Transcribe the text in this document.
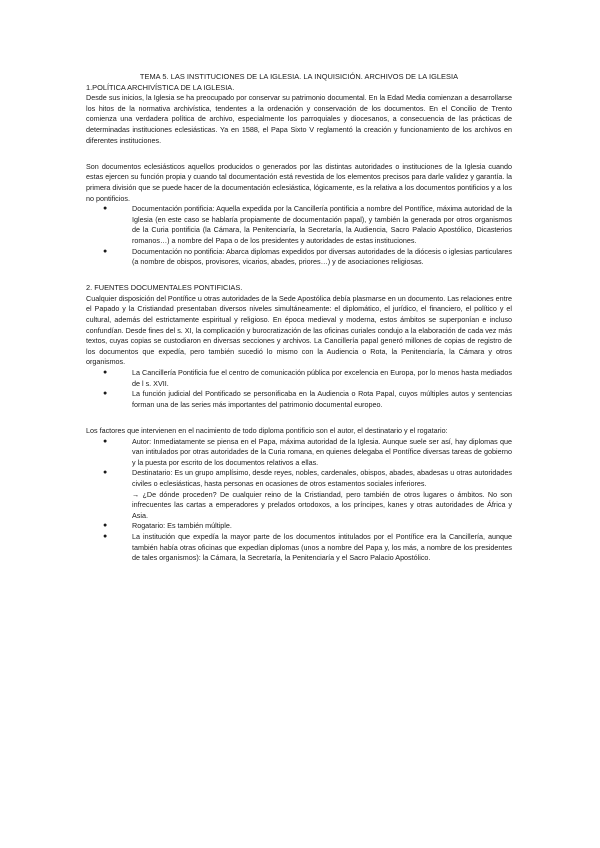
TEMA 5. LAS INSTITUCIONES DE LA IGLESIA. LA INQUISICIÓN. ARCHIVOS DE LA IGLESIA

1.POLÍTICA ARCHIVÍSTICA DE LA IGLESIA.

Desde sus inicios, la Iglesia se ha preocupado por conservar su patrimonio documental. En la Edad Media comienzan a desarrollarse los hitos de la normativa archivística, tendentes a la ordenación y conservación de los documentos. En el Concilio de Trento comienza una verdadera política de archivo, especialmente los parroquiales y diocesanos, a consecuencia de las prácticas de determinadas instituciones eclesiásticas. Ya en 1588, el Papa Sixto V reglamentó la creación y funcionamiento de los archivos en diferentes instituciones.

Son documentos eclesiásticos aquellos producidos o generados por las distintas autoridades o instituciones de la Iglesia cuando estas ejercen su función propia y cuando tal documentación está revestida de los elementos precisos para darle validez y garantía. la primera división que se puede hacer de la documentación eclesiástica, lógicamente, es la relativa a los documentos pontificios y a los no pontificios.

●	Documentación pontificia: Aquella expedida por la Cancillería pontificia a nombre del Pontífice, máxima autoridad de la Iglesia (en este caso se hablaría propiamente de documentación papal), y también la generada por otros organismos de la Curia pontificia (la Cámara, la Penitenciaría, la Secretaría, la Audiencia, Sacro Palacio Apostólico, Dicasterios romanos…) a nombre del Papa o de los presidentes y autoridades de estas instituciones.
●	Documentación no pontificia: Abarca diplomas expedidos por diversas autoridades de la diócesis o iglesias particulares (a nombre de obispos, provisores, vicarios, abades, priores…) y de asociaciones religiosas.

2. FUENTES DOCUMENTALES PONTIFICIAS.

Cualquier disposición del Pontífice u otras autoridades de la Sede Apostólica debía plasmarse en un documento. Las relaciones entre el Papado y la Cristiandad presentaban diversos niveles simultáneamente: el diplomático, el jurídico, el financiero, el político y el cultural, además del estrictamente espiritual y religioso. En época medieval y moderna, estos ámbitos se superponían e incluso confundían. Desde fines del s. XI, la complicación y burocratización de las oficinas curiales condujo a la elaboración de cada vez más textos, cuyas copias se custodiaron en diversas secciones y archivos. La Cancillería papal generó millones de copias de registro de los documentos que expedía, pero también sucedió lo mismo con la Audiencia o Rota, la Penitenciaría, la Cámara y otros organismos.

●	La Cancillería Pontificia fue el centro de comunicación pública por excelencia en Europa, por lo menos hasta mediados de l s. XVII.
●	La función judicial del Pontificado se personificaba en la Audiencia o Rota Papal, cuyos múltiples autos y sentencias forman una de las series más importantes del patrimonio documental europeo.

Los factores que intervienen en el nacimiento de todo diploma pontificio son el autor, el destinatario y el rogatario:

●	Autor: Inmediatamente se piensa en el Papa, máxima autoridad de la Iglesia. Aunque suele ser así, hay diplomas que van intitulados por otras autoridades de la Curia romana, en quienes delegaba el Pontífice diversas tareas de gobierno y la puesta por escrito de los documentos relativos a ellas.
●	Destinatario: Es un grupo amplísimo, desde reyes, nobles, cardenales, obispos, abades, abadesas u otras autoridades civiles o eclesiásticas, hasta personas en ocasiones de otros estamentos sociales inferiores.
→ ¿De dónde proceden? De cualquier reino de la Cristiandad, pero también de otros lugares o ámbitos. No son infrecuentes las cartas a emperadores y prelados ortodoxos, a los príncipes, kanes y otras autoridades de África y Asia.
●	Rogatario: Es también múltiple.
●	La institución que expedía la mayor parte de los documentos intitulados por el Pontífice era la Cancillería, aunque también había otras oficinas que expedían diplomas (unos a nombre del Papa y, los más, a nombre de los presidentes de tales organismos): la Cámara, la Secretaría, la Penitenciaría y el Sacro Palacio Apostólico.
